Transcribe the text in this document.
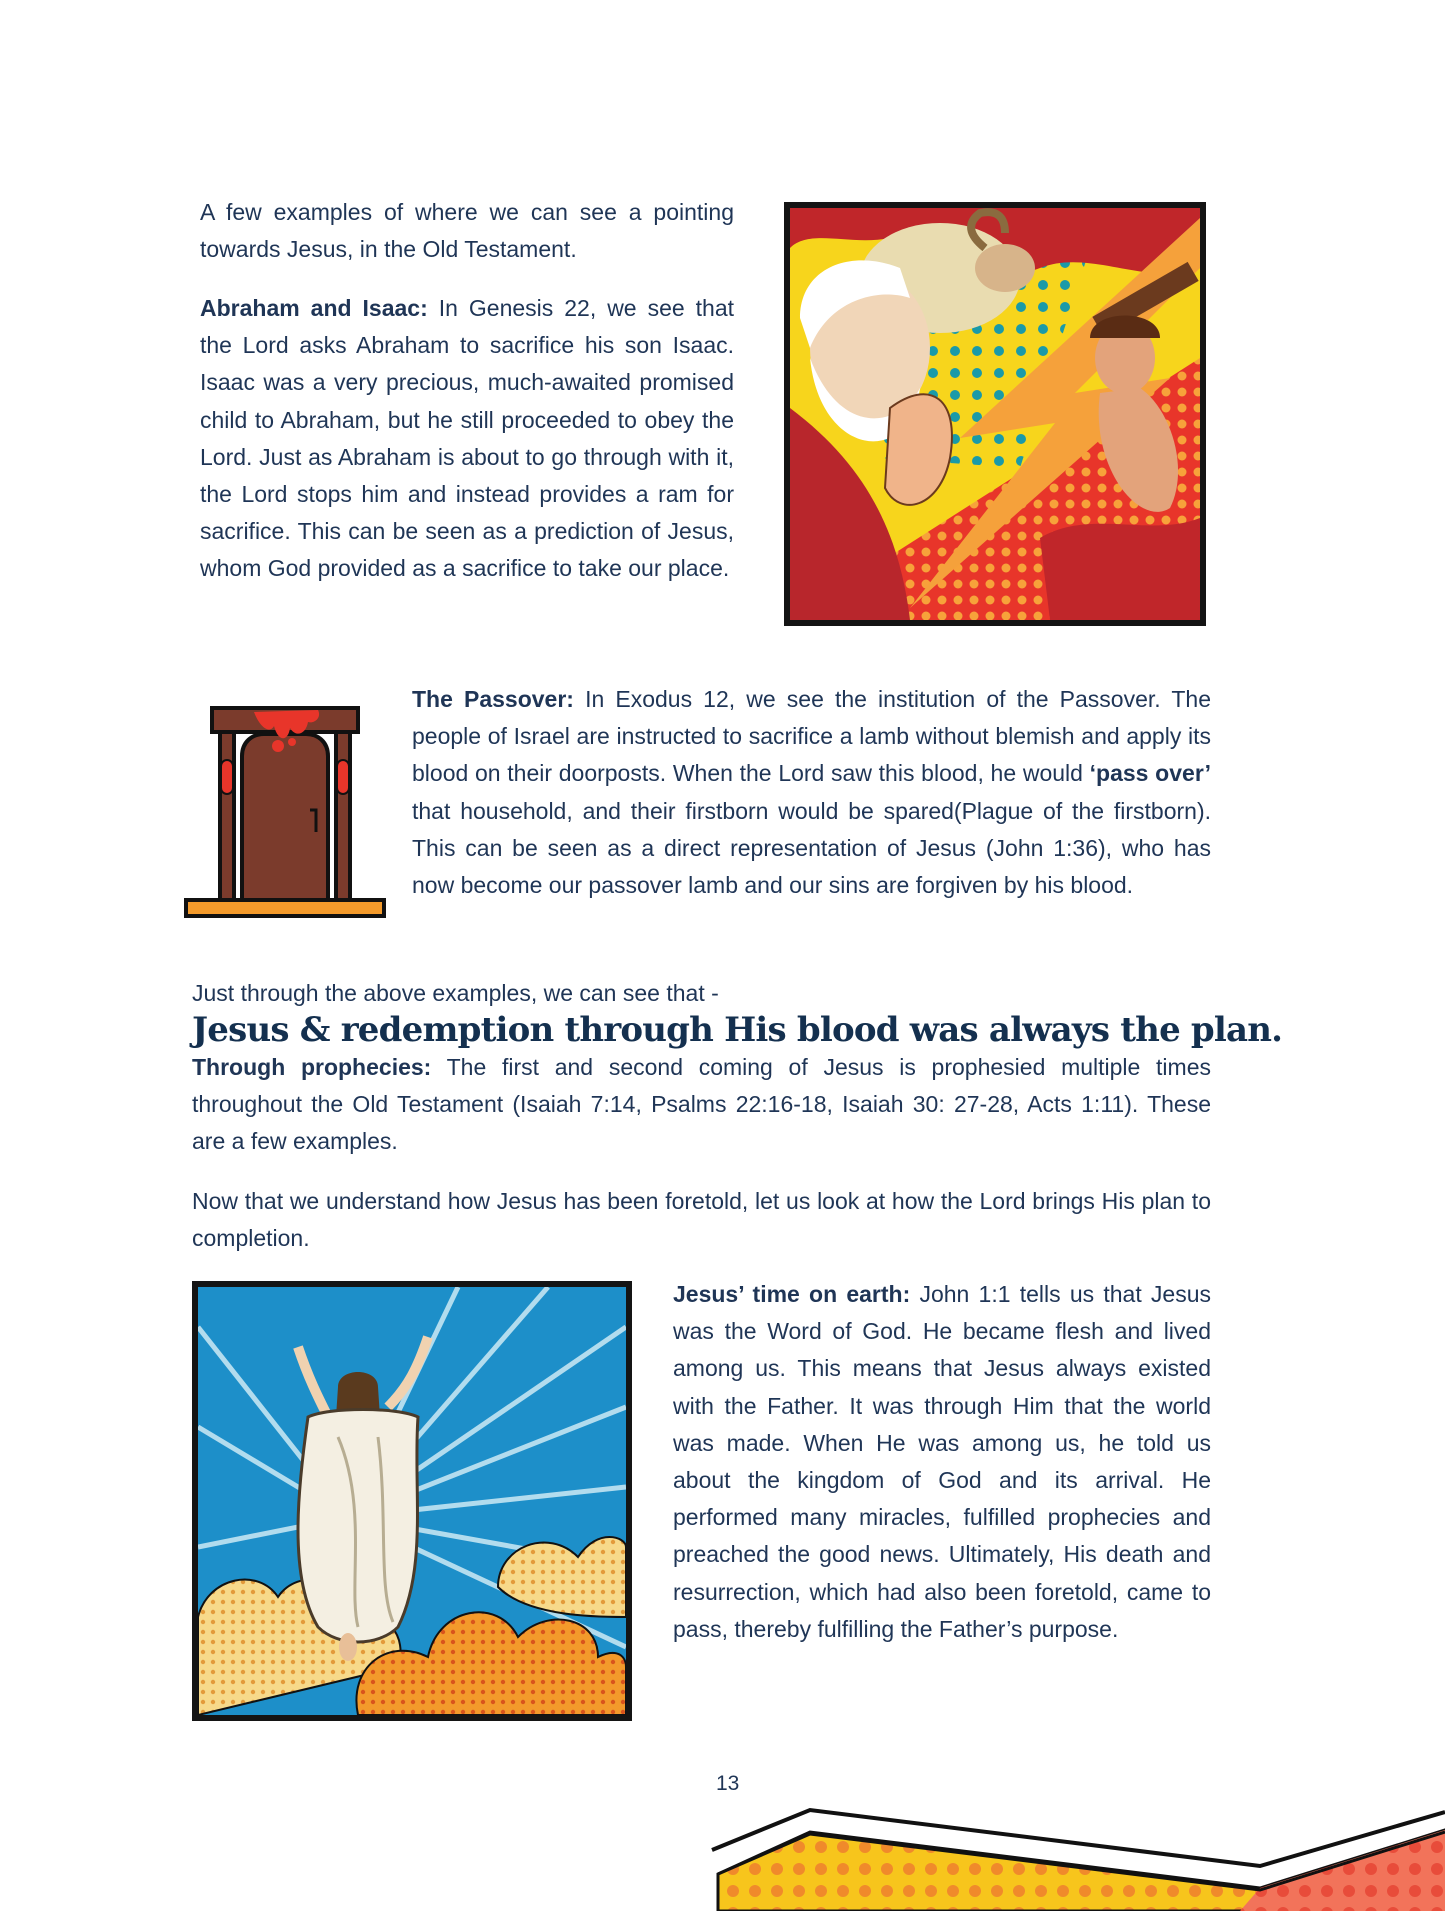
A few examples of where we can see a pointing towards Jesus, in the Old Testament.

Abraham and Isaac: In Genesis 22, we see that the Lord asks Abraham to sacrifice his son Isaac. Isaac was a very precious, much-awaited promised child to Abraham, but he still proceeded to obey the Lord. Just as Abraham is about to go through with it, the Lord stops him and instead provides a ram for sacrifice. This can be seen as a prediction of Jesus, whom God provided as a sacrifice to take our place.

The Passover: In Exodus 12, we see the institution of the Passover. The people of Israel are instructed to sacrifice a lamb without blemish and apply its blood on their doorposts. When the Lord saw this blood, he would ‘pass over’ that household, and their firstborn would be spared(Plague of the firstborn). This can be seen as a direct representation of Jesus (John 1:36), who has now become our passover lamb and our sins are forgiven by his blood.

Just through the above examples, we can see that -

Jesus & redemption through His blood was always the plan.

Through prophecies: The first and second coming of Jesus is prophesied multiple times throughout the Old Testament (Isaiah 7:14, Psalms 22:16-18, Isaiah 30: 27-28, Acts 1:11). These are a few examples.

Now that we understand how Jesus has been foretold, let us look at how the Lord brings His plan to completion.

Jesus’ time on earth: John 1:1 tells us that Jesus was the Word of God. He became flesh and lived among us. This means that Jesus always existed with the Father. It was through Him that the world was made. When He was among us, he told us about the kingdom of God and its arrival. He performed many miracles, fulfilled prophecies and preached the good news. Ultimately, His death and resurrection, which had also been foretold, came to pass, thereby fulfilling the Father’s purpose.

13
